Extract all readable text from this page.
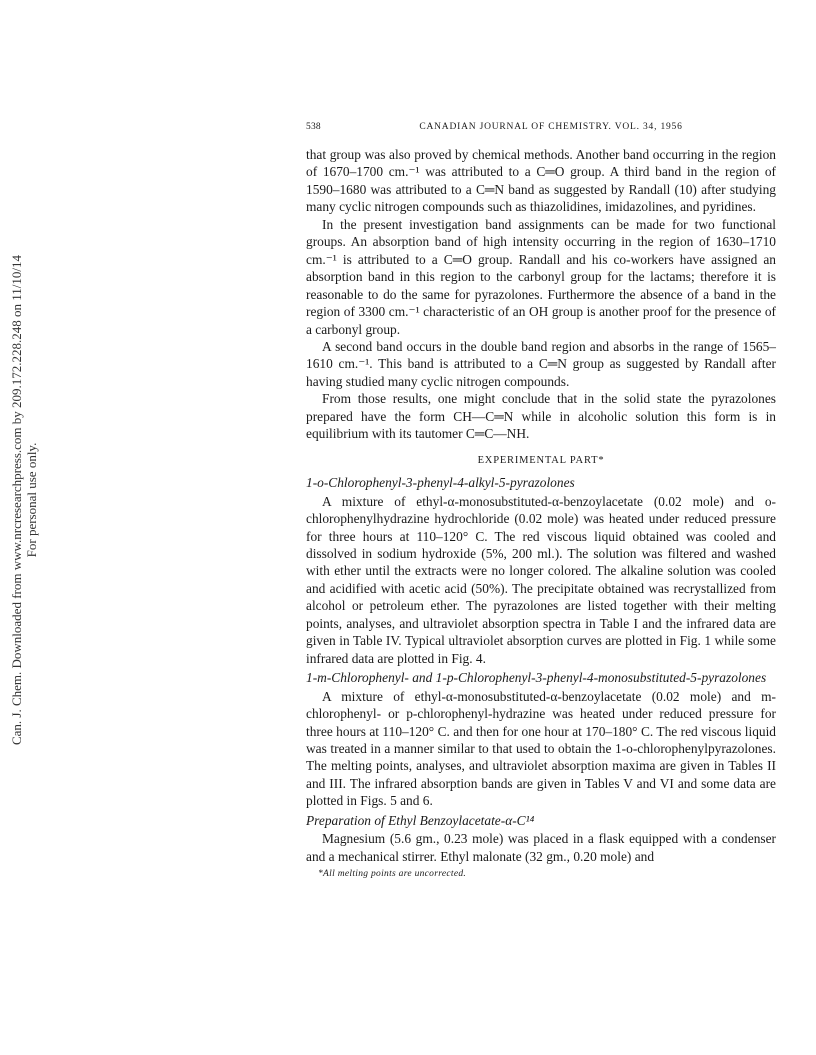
Can. J. Chem. Downloaded from www.nrcresearchpress.com by 209.172.228.248 on 11/10/14 For personal use only.
538	CANADIAN JOURNAL OF CHEMISTRY. VOL. 34, 1956

that group was also proved by chemical methods. Another band occurring in the region of 1670–1700 cm.⁻¹ was attributed to a C═O group. A third band in the region of 1590–1680 was attributed to a C═N band as suggested by Randall (10) after studying many cyclic nitrogen compounds such as thiazolidines, imidazolines, and pyridines.

In the present investigation band assignments can be made for two functional groups. An absorption band of high intensity occurring in the region of 1630–1710 cm.⁻¹ is attributed to a C═O group. Randall and his co-workers have assigned an absorption band in this region to the carbonyl group for the lactams; therefore it is reasonable to do the same for pyrazolones. Furthermore the absence of a band in the region of 3300 cm.⁻¹ characteristic of an OH group is another proof for the presence of a carbonyl group.

A second band occurs in the double band region and absorbs in the range of 1565–1610 cm.⁻¹. This band is attributed to a C═N group as suggested by Randall after having studied many cyclic nitrogen compounds.

From those results, one might conclude that in the solid state the pyrazolones prepared have the form CH—C═N while in alcoholic solution this form is in equilibrium with its tautomer C═C—NH.

EXPERIMENTAL PART*
1-o-Chlorophenyl-3-phenyl-4-alkyl-5-pyrazolones

A mixture of ethyl-α-monosubstituted-α-benzoylacetate (0.02 mole) and o-chlorophenylhydrazine hydrochloride (0.02 mole) was heated under reduced pressure for three hours at 110–120° C. The red viscous liquid obtained was cooled and dissolved in sodium hydroxide (5%, 200 ml.). The solution was filtered and washed with ether until the extracts were no longer colored. The alkaline solution was cooled and acidified with acetic acid (50%). The precipitate obtained was recrystallized from alcohol or petroleum ether. The pyrazolones are listed together with their melting points, analyses, and ultraviolet absorption spectra in Table I and the infrared data are given in Table IV. Typical ultraviolet absorption curves are plotted in Fig. 1 while some infrared data are plotted in Fig. 4.

1-m-Chlorophenyl- and 1-p-Chlorophenyl-3-phenyl-4-monosubstituted-5-pyrazolones

A mixture of ethyl-α-monosubstituted-α-benzoylacetate (0.02 mole) and m-chlorophenyl- or p-chlorophenyl-hydrazine was heated under reduced pressure for three hours at 110–120° C. and then for one hour at 170–180° C. The red viscous liquid was treated in a manner similar to that used to obtain the 1-o-chlorophenylpyrazolones. The melting points, analyses, and ultraviolet absorption maxima are given in Tables II and III. The infrared absorption bands are given in Tables V and VI and some data are plotted in Figs. 5 and 6.

Preparation of Ethyl Benzoylacetate-α-C¹⁴

Magnesium (5.6 gm., 0.23 mole) was placed in a flask equipped with a condenser and a mechanical stirrer. Ethyl malonate (32 gm., 0.20 mole) and

*All melting points are uncorrected.
